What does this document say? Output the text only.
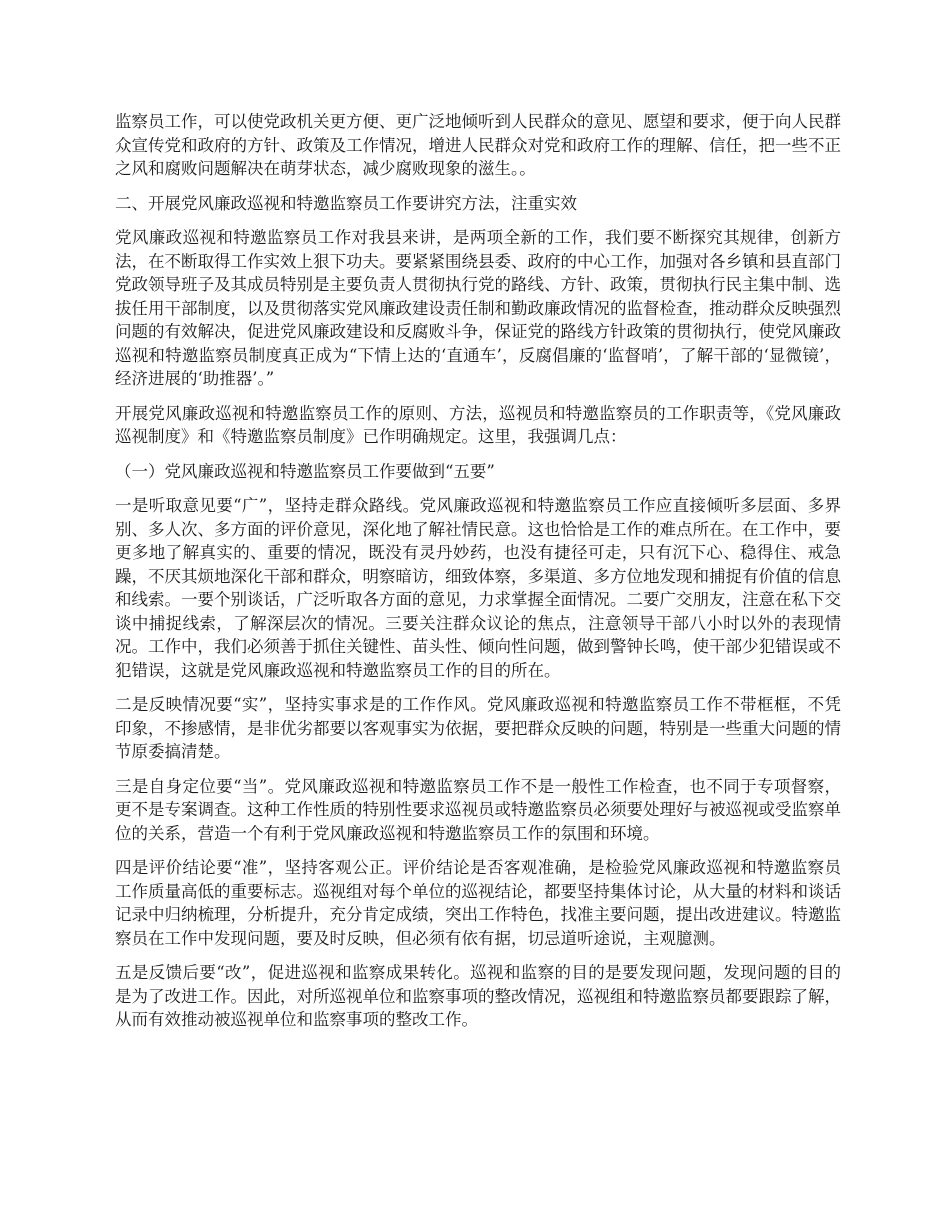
监察员工作，可以使党政机关更方便、更广泛地倾听到人民群众的意见、愿望和要求，便于向人民群众宣传党和政府的方针、政策及工作情况，增进人民群众对党和政府工作的理解、信任，把一些不正之风和腐败问题解决在萌芽状态，减少腐败现象的滋生。。

二、开展党风廉政巡视和特邀监察员工作要讲究方法，注重实效

党风廉政巡视和特邀监察员工作对我县来讲，是两项全新的工作，我们要不断探究其规律，创新方法，在不断取得工作实效上狠下功夫。要紧紧围绕县委、政府的中心工作，加强对各乡镇和县直部门党政领导班子及其成员特别是主要负责人贯彻执行党的路线、方针、政策，贯彻执行民主集中制、选拔任用干部制度，以及贯彻落实党风廉政建设责任制和勤政廉政情况的监督检查，推动群众反映强烈问题的有效解决，促进党风廉政建设和反腐败斗争，保证党的路线方针政策的贯彻执行，使党风廉政巡视和特邀监察员制度真正成为“下情上达的‘直通车’，反腐倡廉的‘监督哨’，了解干部的‘显微镜’，经济进展的‘助推器’。”

开展党风廉政巡视和特邀监察员工作的原则、方法，巡视员和特邀监察员的工作职责等，《党风廉政巡视制度》和《特邀监察员制度》已作明确规定。这里，我强调几点：

（一）党风廉政巡视和特邀监察员工作要做到“五要”

一是听取意见要“广”，坚持走群众路线。党风廉政巡视和特邀监察员工作应直接倾听多层面、多界别、多人次、多方面的评价意见，深化地了解社情民意。这也恰恰是工作的难点所在。在工作中，要更多地了解真实的、重要的情况，既没有灵丹妙药，也没有捷径可走，只有沉下心、稳得住、戒急躁，不厌其烦地深化干部和群众，明察暗访，细致体察，多渠道、多方位地发现和捕捉有价值的信息和线索。一要个别谈话，广泛听取各方面的意见，力求掌握全面情况。二要广交朋友，注意在私下交谈中捕捉线索，了解深层次的情况。三要关注群众议论的焦点，注意领导干部八小时以外的表现情况。工作中，我们必须善于抓住关键性、苗头性、倾向性问题，做到警钟长鸣，使干部少犯错误或不犯错误，这就是党风廉政巡视和特邀监察员工作的目的所在。

二是反映情况要“实”，坚持实事求是的工作作风。党风廉政巡视和特邀监察员工作不带框框，不凭印象，不掺感情，是非优劣都要以客观事实为依据，要把群众反映的问题，特别是一些重大问题的情节原委搞清楚。

三是自身定位要“当”。党风廉政巡视和特邀监察员工作不是一般性工作检查，也不同于专项督察，更不是专案调查。这种工作性质的特别性要求巡视员或特邀监察员必须要处理好与被巡视或受监察单位的关系，营造一个有利于党风廉政巡视和特邀监察员工作的氛围和环境。

四是评价结论要“准”，坚持客观公正。评价结论是否客观准确，是检验党风廉政巡视和特邀监察员工作质量高低的重要标志。巡视组对每个单位的巡视结论，都要坚持集体讨论，从大量的材料和谈话记录中归纳梳理，分析提升，充分肯定成绩，突出工作特色，找准主要问题，提出改进建议。特邀监察员在工作中发现问题，要及时反映，但必须有依有据，切忌道听途说，主观臆测。

五是反馈后要“改”，促进巡视和监察成果转化。巡视和监察的目的是要发现问题，发现问题的目的是为了改进工作。因此，对所巡视单位和监察事项的整改情况，巡视组和特邀监察员都要跟踪了解，从而有效推动被巡视单位和监察事项的整改工作。
